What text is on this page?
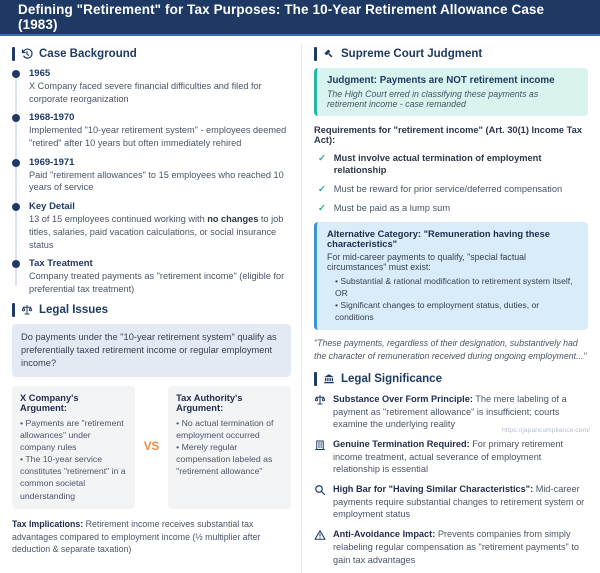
Defining "Retirement" for Tax Purposes: The 10-Year Retirement Allowance Case (1983)
Case Background
1965
X Company faced severe financial difficulties and filed for corporate reorganization
1968-1970
Implemented "10-year retirement system" - employees deemed "retired" after 10 years but often immediately rehired
1969-1971
Paid "retirement allowances" to 15 employees who reached 10 years of service
Key Detail
13 of 15 employees continued working with no changes to job titles, salaries, paid vacation calculations, or social insurance status
Tax Treatment
Company treated payments as "retirement income" (eligible for preferential tax treatment)
Legal Issues
Do payments under the "10-year retirement system" qualify as preferentially taxed retirement income or regular employment income?
X Company's Argument:
• Payments are "retirement allowances" under company rules
• The 10-year service constitutes "retirement" in a common societal understanding
VS
Tax Authority's Argument:
• No actual termination of employment occurred
• Merely regular compensation labeled as "retirement allowance"

Tax Implications: Retirement income receives substantial tax advantages compared to employment income (½ multiplier after deduction & separate taxation)

Supreme Court Judgment
Judgment: Payments are NOT retirement income
The High Court erred in classifying these payments as retirement income - case remanded
Requirements for "retirement income" (Art. 30(1) Income Tax Act):
✓ Must involve actual termination of employment relationship
✓ Must be reward for prior service/deferred compensation
✓ Must be paid as a lump sum
Alternative Category: "Remuneration having these characteristics"
For mid-career payments to qualify, "special factual circumstances" must exist:
• Substantial & rational modification to retirement system itself, OR
• Significant changes to employment status, duties, or conditions

"These payments, regardless of their designation, substantively had the character of remuneration received during ongoing employment..."

Legal Significance

Substance Over Form Principle: The mere labeling of a payment as "retirement allowance" is insufficient; courts examine the underlying reality

Genuine Termination Required: For primary retirement income treatment, actual severance of employment relationship is essential

High Bar for "Having Similar Characteristics": Mid-career payments require substantial changes to retirement system or employment status

Anti-Avoidance Impact: Prevents companies from simply relabeling regular compensation as "retirement payments" to gain tax advantages

https://japancompliance.com/
